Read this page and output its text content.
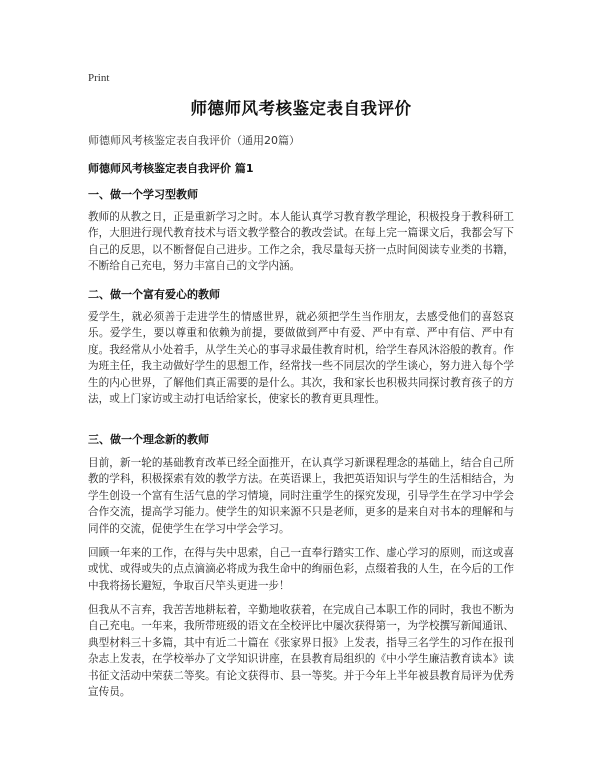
Print
师德师风考核鉴定表自我评价
师德师风考核鉴定表自我评价（通用20篇）
师德师风考核鉴定表自我评价 篇1
一、做一个学习型教师

教师的从教之日，正是重新学习之时。本人能认真学习教育教学理论，积极投身于教科研工作，大胆进行现代教育技术与语文教学整合的教改尝试。在每上完一篇课文后，我都会写下自己的反思，以不断督促自己进步。工作之余，我尽量每天挤一点时间阅读专业类的书籍，不断给自己充电，努力丰富自己的文学内涵。

二、做一个富有爱心的教师

爱学生，就必须善于走进学生的情感世界，就必须把学生当作朋友，去感受他们的喜怒哀乐。爱学生，要以尊重和依赖为前提，要做做到严中有爱、严中有章、严中有信、严中有度。我经常从小处着手，从学生关心的事寻求最佳教育时机，给学生春风沐浴般的教育。作为班主任，我主动做好学生的思想工作，经常找一些不同层次的学生谈心，努力进入每个学生的内心世界，了解他们真正需要的是什么。其次，我和家长也积极共同探讨教育孩子的方法，或上门家访或主动打电话给家长，使家长的教育更具理性。

三、做一个理念新的教师

目前，新一轮的基础教育改革已经全面推开，在认真学习新课程理念的基础上，结合自己所教的学科，积极探索有效的教学方法。在英语课上，我把英语知识与学生的生活相结合，为学生创设一个富有生活气息的学习情境，同时注重学生的探究发现，引导学生在学习中学会合作交流，提高学习能力。使学生的知识来源不只是老师，更多的是来自对书本的理解和与同伴的交流，促使学生在学习中学会学习。

回顾一年来的工作，在得与失中思索，自己一直奉行踏实工作、虚心学习的原则，而这或喜或忧、或得或失的点点滴滴必将成为我生命中的绚丽色彩，点缀着我的人生，在今后的工作中我将扬长避短，争取百尺竿头更进一步！

但我从不言弃，我苦苦地耕耘着，辛勤地收获着，在完成自己本职工作的同时，我也不断为自己充电。一年来，我所带班级的语文在全校评比中屡次获得第一，为学校撰写新闻通讯、典型材料三十多篇，其中有近二十篇在《张家界日报》上发表，指导三名学生的习作在报刊杂志上发表，在学校举办了文学知识讲座，在县教育局组织的《中小学生廉洁教育读本》读书征文活动中荣获二等奖。有论文获得市、县一等奖。并于今年上半年被县教育局评为优秀宣传员。
